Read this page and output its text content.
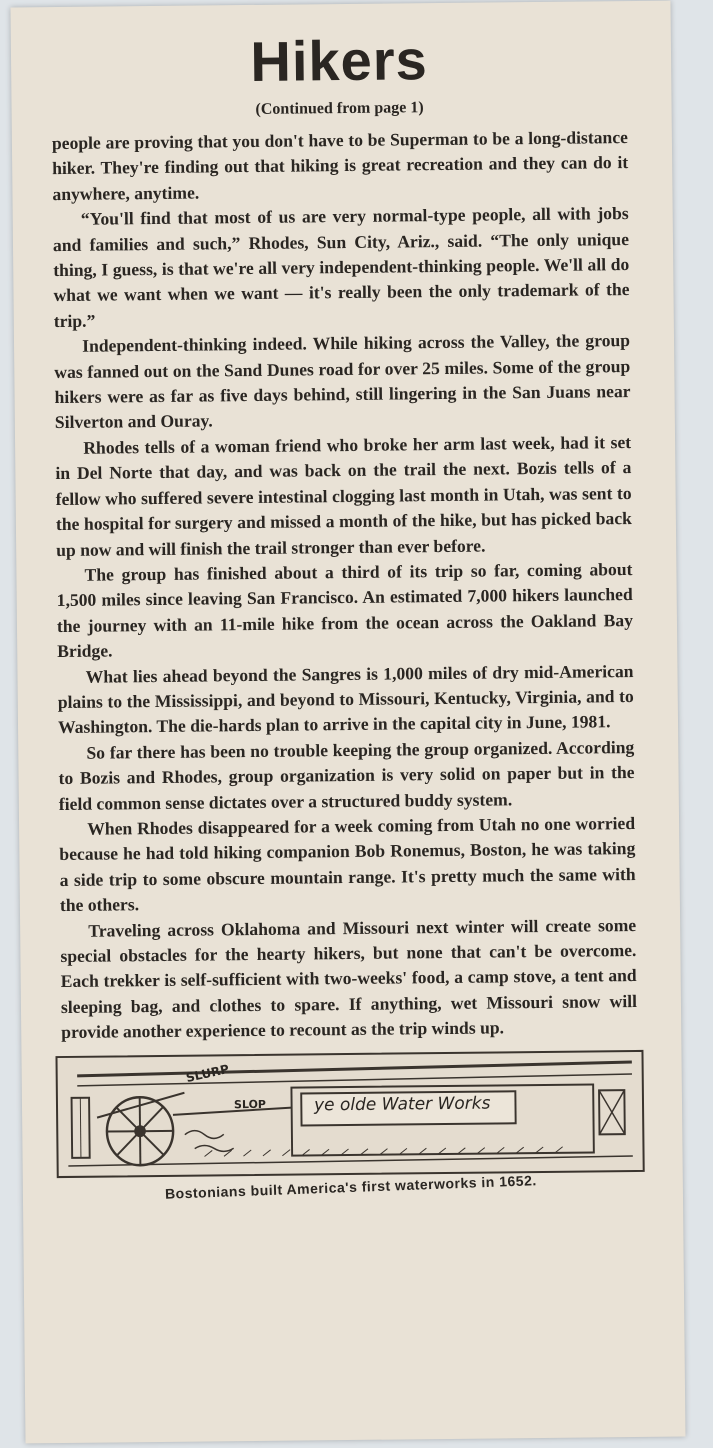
Hikers
(Continued from page 1)

people are proving that you don't have to be Superman to be a long-distance hiker. They're finding out that hiking is great recreation and they can do it anywhere, anytime.

“You'll find that most of us are very normal-type people, all with jobs and families and such,” Rhodes, Sun City, Ariz., said. “The only unique thing, I guess, is that we're all very independent-thinking people. We'll all do what we want when we want — it's really been the only trademark of the trip.”

Independent-thinking indeed. While hiking across the Valley, the group was fanned out on the Sand Dunes road for over 25 miles. Some of the group hikers were as far as five days behind, still lingering in the San Juans near Silverton and Ouray.

Rhodes tells of a woman friend who broke her arm last week, had it set in Del Norte that day, and was back on the trail the next. Bozis tells of a fellow who suffered severe intestinal clogging last month in Utah, was sent to the hospital for surgery and missed a month of the hike, but has picked back up now and will finish the trail stronger than ever before.

The group has finished about a third of its trip so far, coming about 1,500 miles since leaving San Francisco. An estimated 7,000 hikers launched the journey with an 11-mile hike from the ocean across the Oakland Bay Bridge.

What lies ahead beyond the Sangres is 1,000 miles of dry mid-American plains to the Mississippi, and beyond to Missouri, Kentucky, Virginia, and to Washington. The die-hards plan to arrive in the capital city in June, 1981.

So far there has been no trouble keeping the group organized. According to Bozis and Rhodes, group organization is very solid on paper but in the field common sense dictates over a structured buddy system.

When Rhodes disappeared for a week coming from Utah no one worried because he had told hiking companion Bob Ronemus, Boston, he was taking a side trip to some obscure mountain range. It's pretty much the same with the others.

Traveling across Oklahoma and Missouri next winter will create some special obstacles for the hearty hikers, but none that can't be overcome. Each trekker is self-sufficient with two-weeks' food, a camp stove, a tent and sleeping bag, and clothes to spare. If anything, wet Missouri snow will provide another experience to recount as the trip winds up.

SLURP
SLOP	ye olde Water Works
Bostonians built America's first waterworks in 1652.
